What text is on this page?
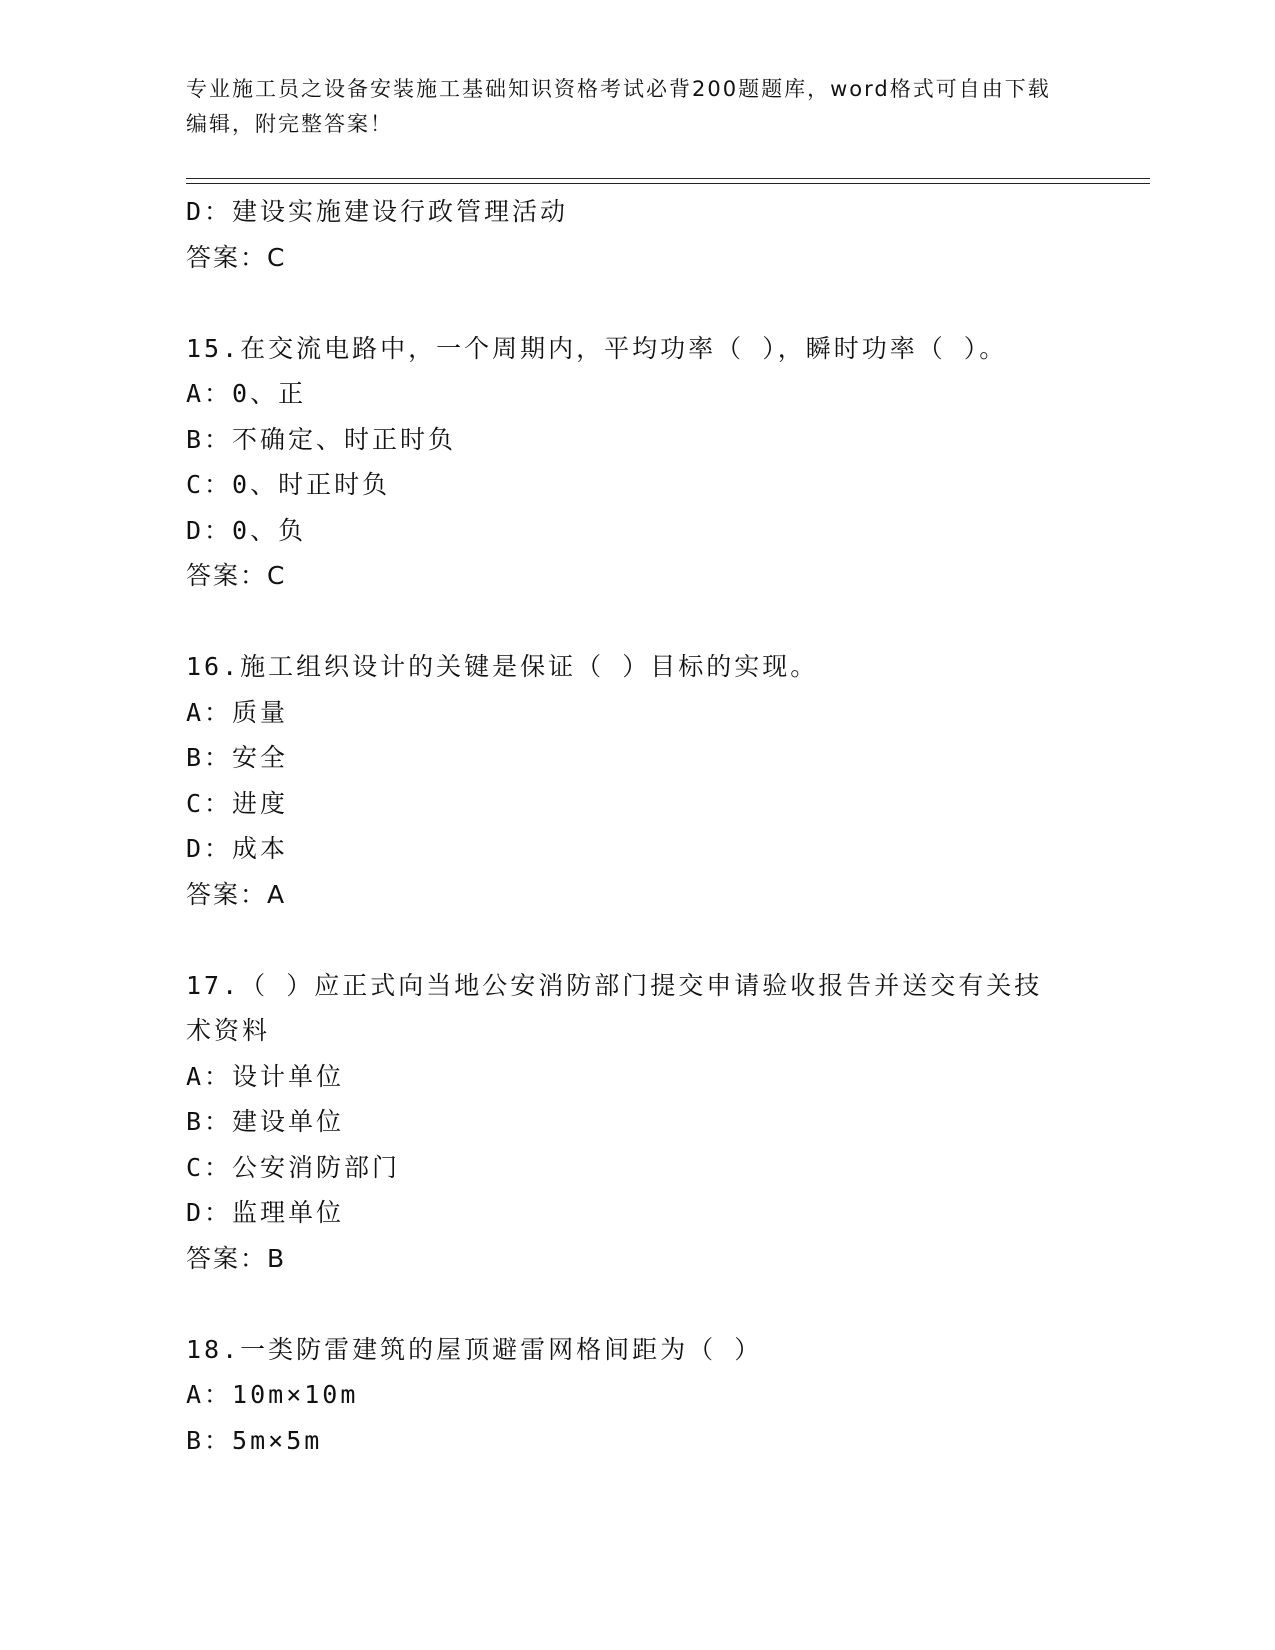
专业施工员之设备安装施工基础知识资格考试必背200题题库，word格式可自由下载编辑，附完整答案！
D：建设实施建设行政管理活动
答案：C
15.在交流电路中，一个周期内，平均功率（ ），瞬时功率（ ）。
A：0、正
B：不确定、时正时负
C：0、时正时负
D：0、负
答案：C
16.施工组织设计的关键是保证（ ）目标的实现。
A：质量
B：安全
C：进度
D：成本
答案：A
17.（ ）应正式向当地公安消防部门提交申请验收报告并送交有关技
术资料
A：设计单位
B：建设单位
C：公安消防部门
D：监理单位
答案：B
18.一类防雷建筑的屋顶避雷网格间距为（ ）
A：10m×10m
B：5m×5m
